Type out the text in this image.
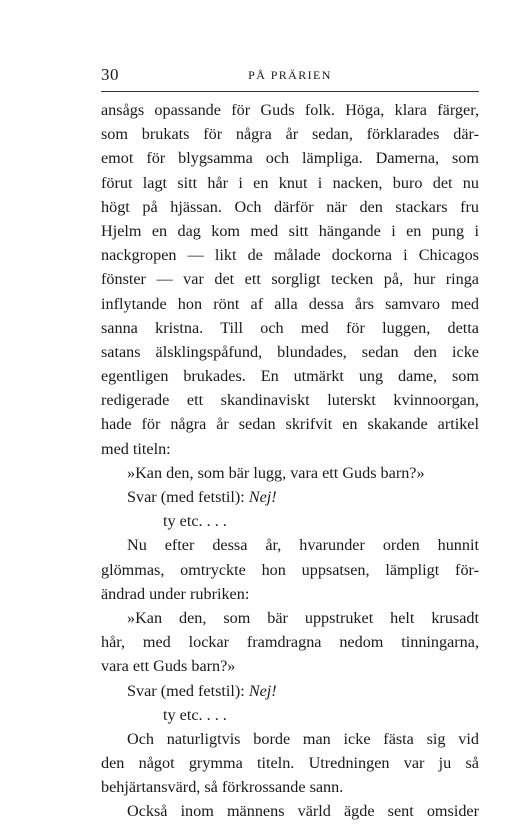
30	PÅ PRÄRIEN
ansågs opassande för Guds folk. Höga, klara färger,
som brukats för några år sedan, förklarades där-
emot för blygsamma och lämpliga. Damerna, som
förut lagt sitt hår i en knut i nacken, buro det nu
högt på hjässan. Och därför när den stackars fru
Hjelm en dag kom med sitt hängande i en pung i
nackgropen — likt de målade dockorna i Chicagos
fönster — var det ett sorgligt tecken på, hur ringa
inflytande hon rönt af alla dessa års samvaro med
sanna kristna. Till och med för luggen, detta
satans älsklingspåfund, blundades, sedan den icke
egentligen brukades. En utmärkt ung dame, som
redigerade ett skandinaviskt luterskt kvinnoorgan,
hade för några år sedan skrifvit en skakande artikel
med titeln:
»Kan den, som bär lugg, vara ett Guds barn?»
Svar (med fetstil): Nej!
ty etc. . . .
Nu efter dessa år, hvarunder orden hunnit
glömmas, omtryckte hon uppsatsen, lämpligt för-
ändrad under rubriken:
»Kan den, som bär uppstruket helt krusadt
hår, med lockar framdragna nedom tinningarna,
vara ett Guds barn?»
Svar (med fetstil): Nej!
ty etc. . . .
Och naturligtvis borde man icke fästa sig vid
den något grymma titeln. Utredningen var ju så
behjärtansvärd, så förkrossande sann.
Också inom männens värld ägde sent omsider
